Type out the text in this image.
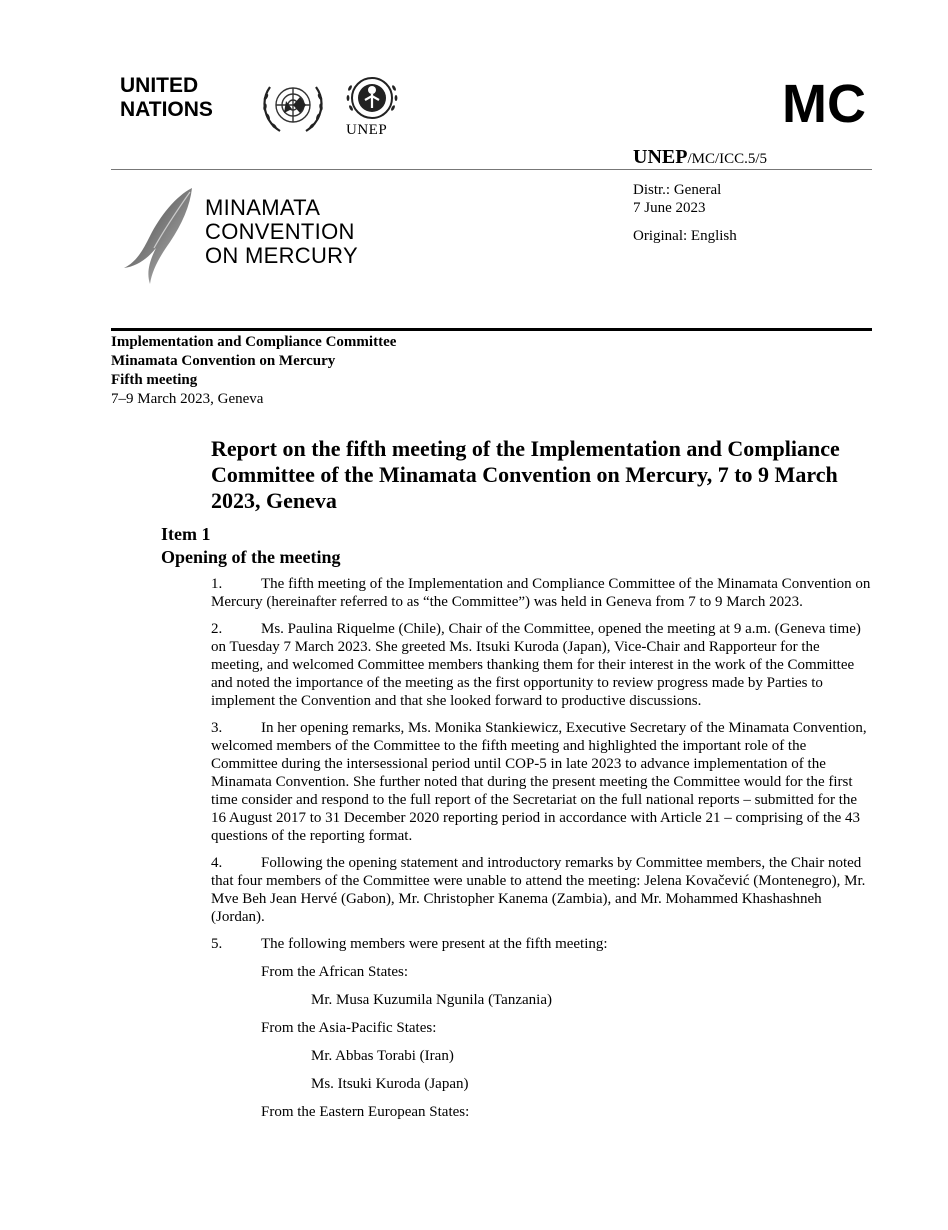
UNITED
NATIONS
UNEP	MC
UNEP/MC/ICC.5/5
Distr.: General
7 June 2023
Original: English
MINAMATA
CONVENTION
ON MERCURY
Implementation and Compliance Committee
Minamata Convention on Mercury
Fifth meeting
7–9 March 2023, Geneva
Report on the fifth meeting of the Implementation and Compliance Committee of the Minamata Convention on Mercury, 7 to 9 March 2023, Geneva
Item 1
Opening of the meeting
1.	The fifth meeting of the Implementation and Compliance Committee of the Minamata Convention on Mercury (hereinafter referred to as “the Committee”) was held in Geneva from 7 to 9 March 2023.
2.	Ms. Paulina Riquelme (Chile), Chair of the Committee, opened the meeting at 9 a.m. (Geneva time) on Tuesday 7 March 2023. She greeted Ms. Itsuki Kuroda (Japan), Vice-Chair and Rapporteur for the meeting, and welcomed Committee members thanking them for their interest in the work of the Committee and noted the importance of the meeting as the first opportunity to review progress made by Parties to implement the Convention and that she looked forward to productive discussions.
3.	In her opening remarks, Ms. Monika Stankiewicz, Executive Secretary of the Minamata Convention, welcomed members of the Committee to the fifth meeting and highlighted the important role of the Committee during the intersessional period until COP-5 in late 2023 to advance implementation of the Minamata Convention. She further noted that during the present meeting the Committee would for the first time consider and respond to the full report of the Secretariat on the full national reports – submitted for the 16 August 2017 to 31 December 2020 reporting period in accordance with Article 21 – comprising of the 43 questions of the reporting format.
4.	Following the opening statement and introductory remarks by Committee members, the Chair noted that four members of the Committee were unable to attend the meeting: Jelena Kovačević (Montenegro), Mr. Mve Beh Jean Hervé (Gabon), Mr. Christopher Kanema (Zambia), and Mr. Mohammed Khashashneh (Jordan).
5.	The following members were present at the fifth meeting:
From the African States:
Mr. Musa Kuzumila Ngunila (Tanzania)
From the Asia-Pacific States:
Mr. Abbas Torabi (Iran)
Ms. Itsuki Kuroda (Japan)
From the Eastern European States:
